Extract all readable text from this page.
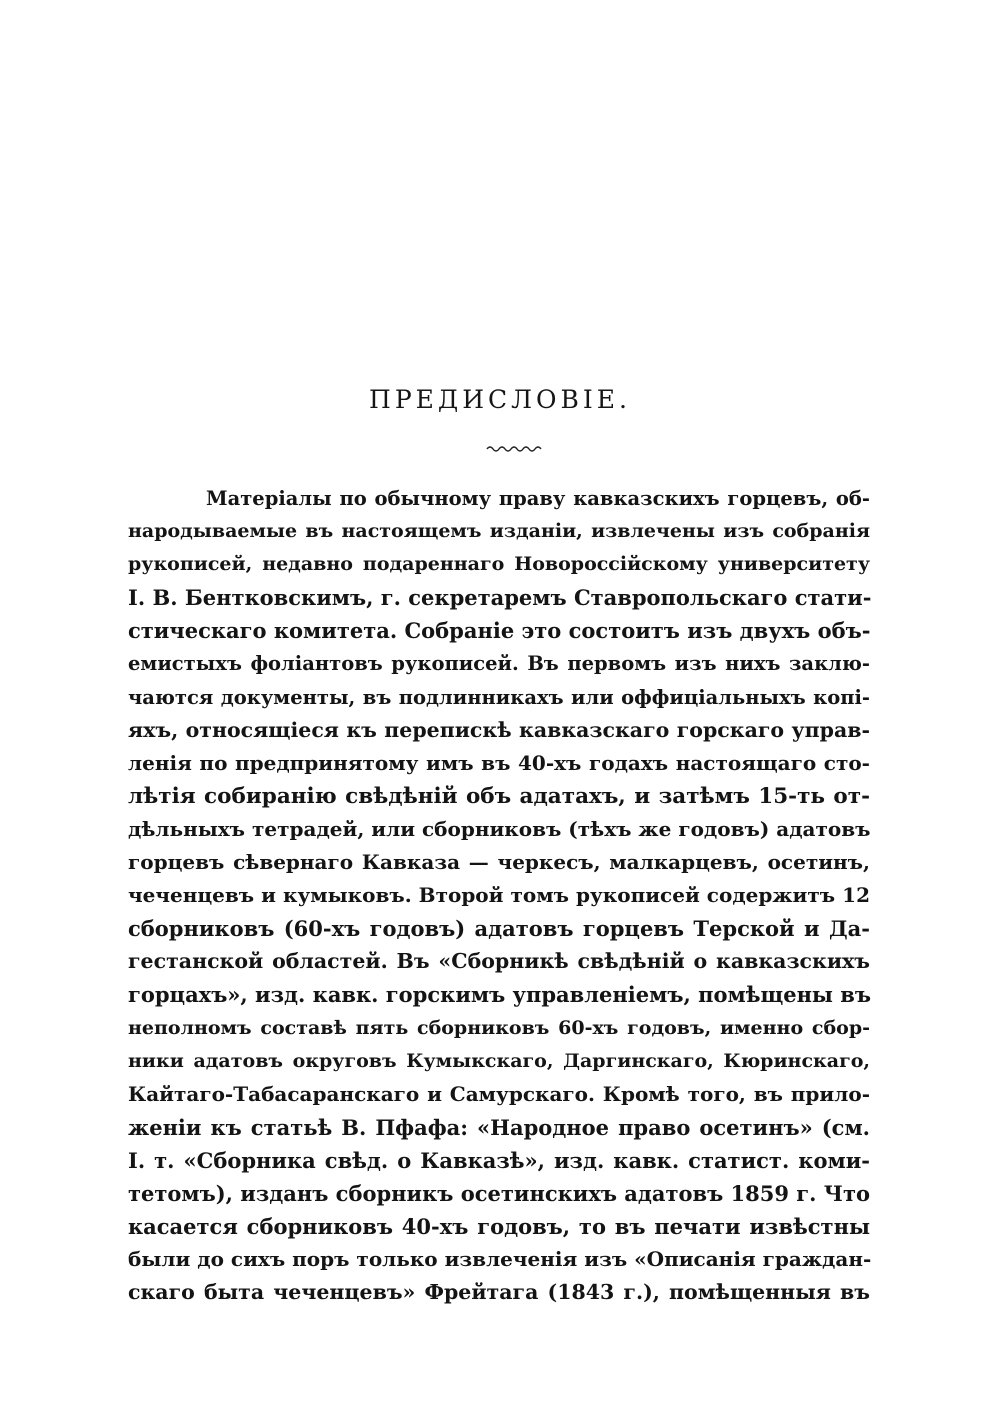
ПРЕДИСЛОВІЕ.
Матеріалы по обычному праву кавказскихъ горцевъ, об-
народываемые въ настоящемъ изданіи, извлечены изъ собранія
рукописей, недавно подареннаго Новороссійскому университету
І. В. Бентковскимъ, г. секретаремъ Ставропольскаго стати-
стическаго комитета. Собраніе это состоитъ изъ двухъ объ-
емистыхъ фоліантовъ рукописей. Въ первомъ изъ нихъ заклю-
чаются документы, въ подлинникахъ или оффиціальныхъ копі-
яхъ, относящіеся къ перепискѣ кавказскаго горскаго управ-
ленія по предпринятому имъ въ 40-хъ годахъ настоящаго сто-
лѣтія собиранію свѣдѣній объ адатахъ, и затѣмъ 15-ть от-
дѣльныхъ тетрадей, или сборниковъ (тѣхъ же годовъ) адатовъ
горцевъ сѣвернаго Кавказа — черкесъ, малкарцевъ, осетинъ,
чеченцевъ и кумыковъ. Второй томъ рукописей содержитъ 12
сборниковъ (60-хъ годовъ) адатовъ горцевъ Терской и Да-
гестанской областей. Въ «Сборникѣ свѣдѣній о кавказскихъ
горцахъ», изд. кавк. горскимъ управленіемъ, помѣщены въ
неполномъ составѣ пять сборниковъ 60-хъ годовъ, именно сбор-
ники адатовъ округовъ Кумыкскаго, Даргинскаго, Кюринскаго,
Кайтаго-Табасаранскаго и Самурскаго. Кромѣ того, въ прило-
женіи къ статьѣ В. Пфафа: «Народное право осетинъ» (см.
І. т. «Сборника свѣд. о Кавказѣ», изд. кавк. статист. коми-
тетомъ), изданъ сборникъ осетинскихъ адатовъ 1859 г. Что
касается сборниковъ 40-хъ годовъ, то въ печати извѣстны
были до сихъ поръ только извлеченія изъ «Описанія граждан-
скаго быта чеченцевъ» Фрейтага (1843 г.), помѣщенныя въ
